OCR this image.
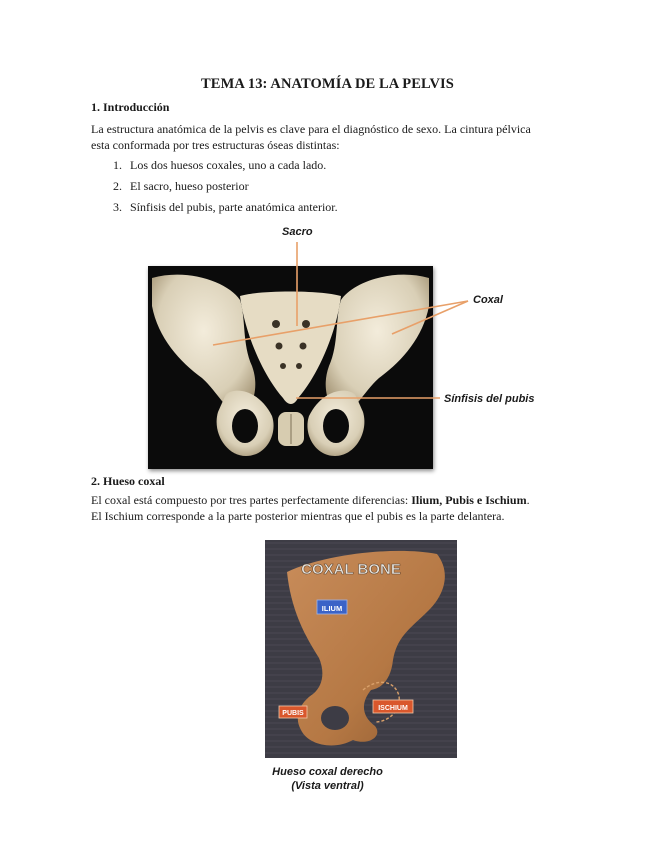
TEMA 13: ANATOMÍA DE LA PELVIS
1. Introducción
La estructura anatómica de la pelvis es clave para el diagnóstico de sexo. La cintura pélvica
esta conformada por tres estructuras óseas distintas:
1. Los dos huesos coxales, uno a cada lado.
2. El sacro, hueso posterior
3. Sínfisis del pubis, parte anatómica anterior.
Sacro
Coxal
Sínfisis del pubis
2. Hueso coxal
El coxal está compuesto por tres partes perfectamente diferencias: Ilium, Pubis e Ischium.
El Ischium corresponde a la parte posterior mientras que el pubis es la parte delantera.
COXAL BONE
ILIUM
PUBIS
ISCHIUM
Hueso coxal derecho
(Vista ventral)
